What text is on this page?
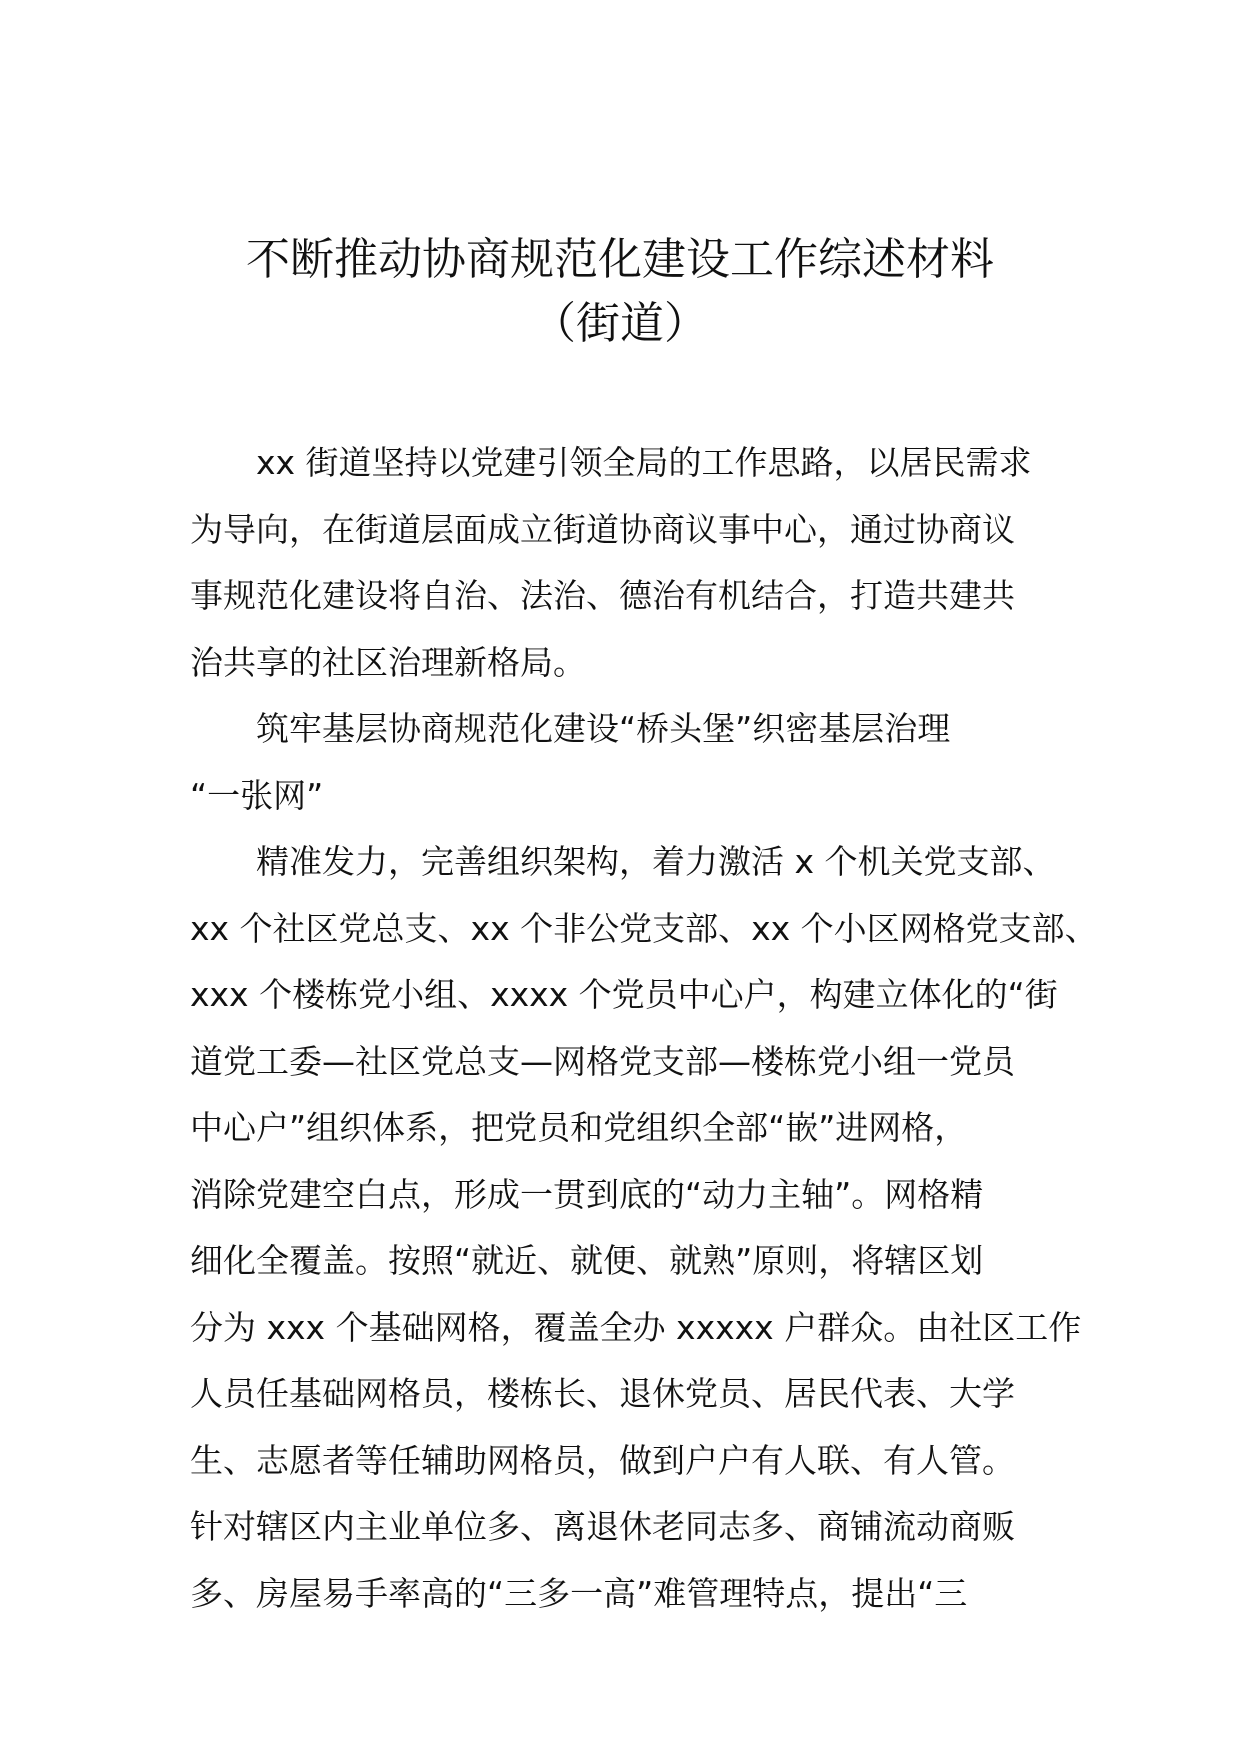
不断推动协商规范化建设工作综述材料
（街道）
xx 街道坚持以党建引领全局的工作思路，以居民需求
为导向，在街道层面成立街道协商议事中心，通过协商议
事规范化建设将自治、法治、德治有机结合，打造共建共
治共享的社区治理新格局。
筑牢基层协商规范化建设“桥头堡”织密基层治理
“一张网”
精准发力，完善组织架构，着力激活 x 个机关党支部、
xx 个社区党总支、xx 个非公党支部、xx 个小区网格党支部、
xxx 个楼栋党小组、xxxx 个党员中心户，构建立体化的“街
道党工委—社区党总支—网格党支部—楼栋党小组一党员
中心户”组织体系，把党员和党组织全部“嵌”进网格，
消除党建空白点，形成一贯到底的“动力主轴”。网格精
细化全覆盖。按照“就近、就便、就熟”原则，将辖区划
分为 xxx 个基础网格，覆盖全办 xxxxx 户群众。由社区工作
人员任基础网格员，楼栋长、退休党员、居民代表、大学
生、志愿者等任辅助网格员，做到户户有人联、有人管。
针对辖区内主业单位多、离退休老同志多、商铺流动商贩
多、房屋易手率高的“三多一高”难管理特点，提出“三
